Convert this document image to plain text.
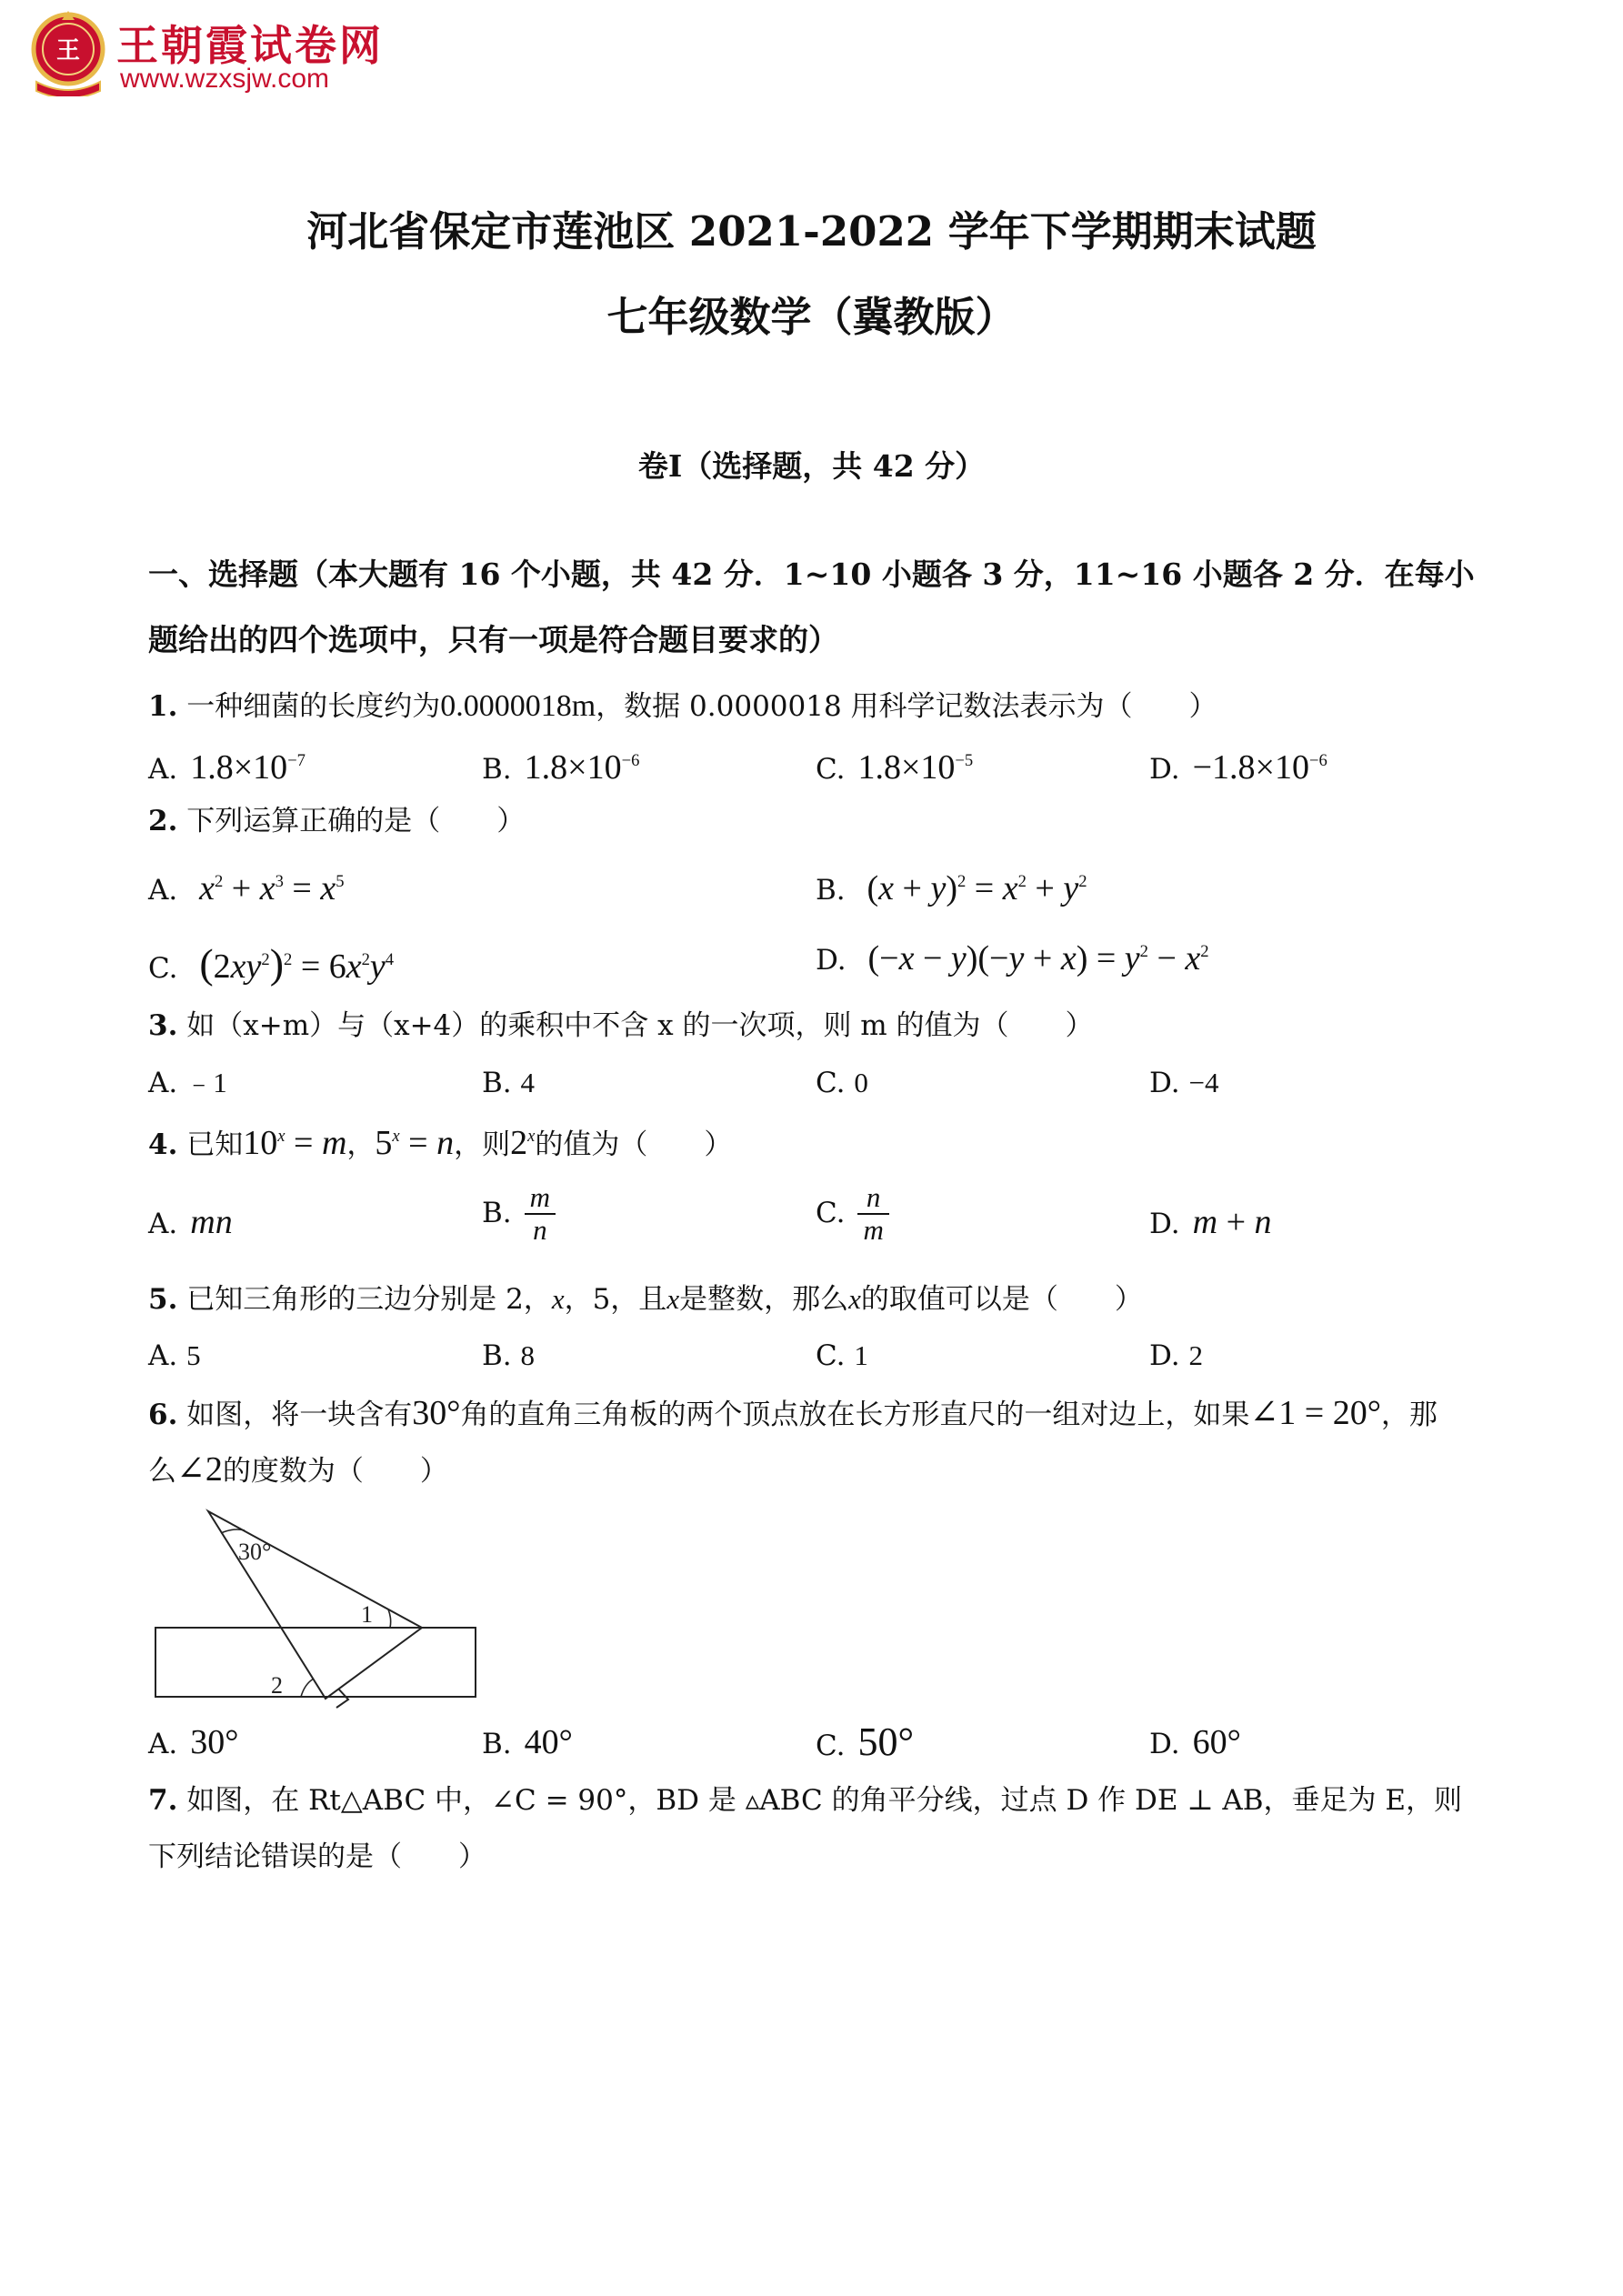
王 王朝霞试卷网
www.wzxsjw.com
河北省保定市莲池区 2021-2022 学年下学期期末试题
七年级数学（冀教版）
卷Ⅰ（选择题，共 42 分）
一、选择题（本大题有 16 个小题，共 42 分．1~10 小题各 3 分，11~16 小题各 2 分．在每小
题给出的四个选项中，只有一项是符合题目要求的）
1. 一种细菌的长度约为0.0000018m，数据 0.0000018 用科学记数法表示为（　　）
A. $1.8\times 10^{-7}$	B. $1.8\times 10^{-6}$	C. $1.8\times 10^{-5}$	D. $-1.8\times 10^{-6}$
2. 下列运算正确的是（　　）
A. $x^2 + x^3 = x^5$	B. $(x + y)^2 = x^2 + y^2$
C. $(2xy^2)^2 = 6x^2y^4$	D. $(-x - y)(-y + x) = y^2 - x^2$
3. 如（x+m）与（x+4）的乘积中不含 x 的一次项，则 m 的值为（　　）
A. ﹣1	B. 4	C. 0	D. −4
4. 已知$10^x = m$，$5^x = n$，则2$^x$的值为（　　）
A. mn	B. $\frac{m}{n}$	C. $\frac{n}{m}$	D. m + n
5. 已知三角形的三边分别是 2，x，5，且x是整数，那么x的取值可以是（　　）
A. 5	B. 8	C. 1	D. 2
6. 如图，将一块含有30°角的直角三角板的两个顶点放在长方形直尺的一组对边上，如果∠1 = 20°，那
么∠2的度数为（　　）
30°
1
2
A. 30°	B. 40°	C. 50°	D. 60°
7. 如图，在 Rt△ABC 中，∠C = 90°，BD 是 ▵ABC 的角平分线，过点 D 作 DE ⊥ AB，垂足为 E，则
下列结论错误的是（　　）
